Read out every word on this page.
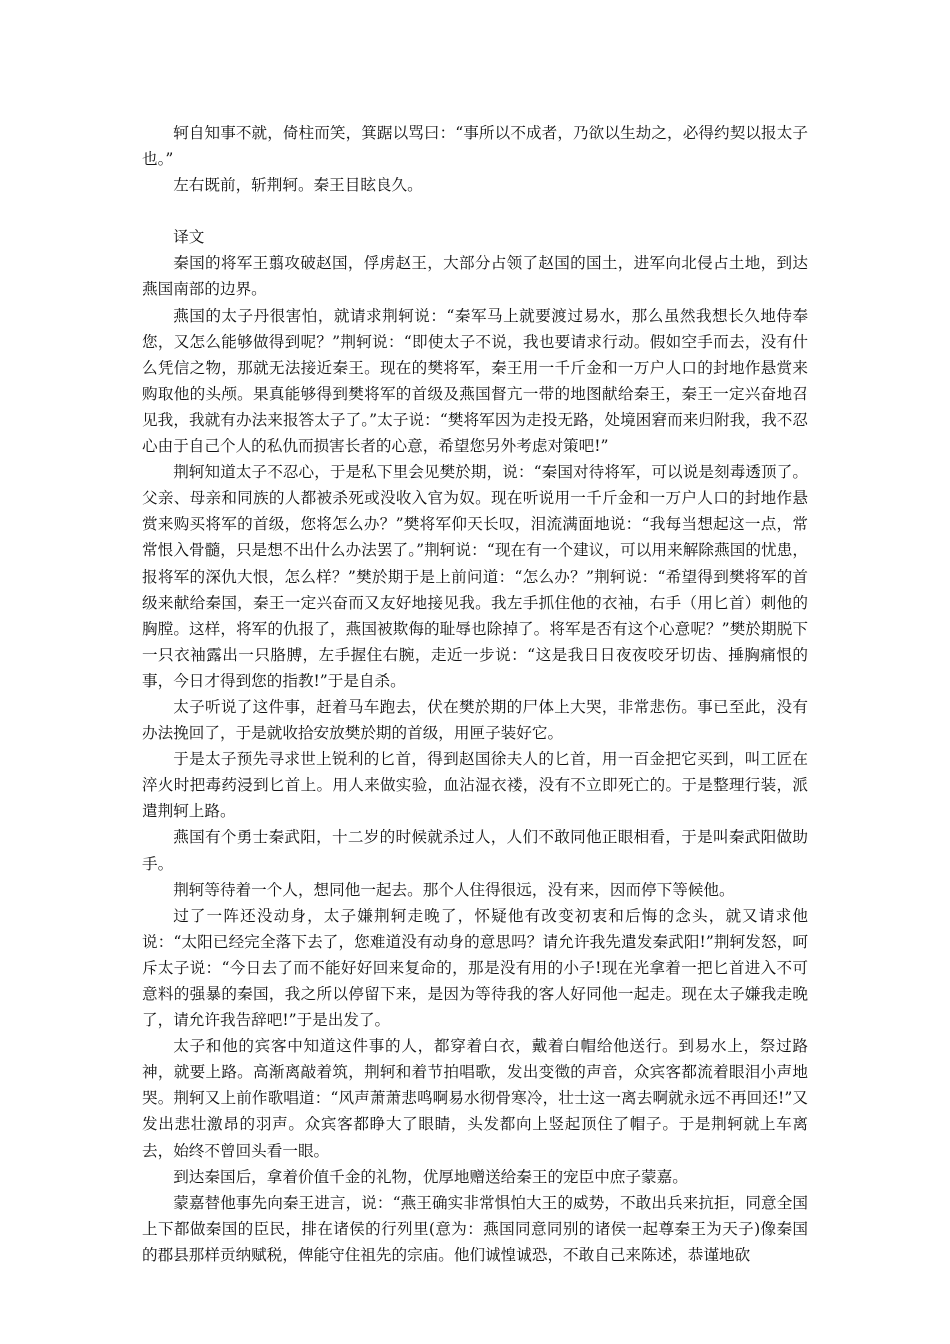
轲自知事不就，倚柱而笑，箕踞以骂曰：“事所以不成者，乃欲以生劫之，必得约契以报太子也。”

左右既前，斩荆轲。秦王目眩良久。

译文

秦国的将军王翦攻破赵国，俘虏赵王，大部分占领了赵国的国土，进军向北侵占土地，到达燕国南部的边界。

燕国的太子丹很害怕，就请求荆轲说：“秦军马上就要渡过易水，那么虽然我想长久地侍奉您，又怎么能够做得到呢？”荆轲说：“即使太子不说，我也要请求行动。假如空手而去，没有什么凭信之物，那就无法接近秦王。现在的樊将军，秦王用一千斤金和一万户人口的封地作悬赏来购取他的头颅。果真能够得到樊将军的首级及燕国督亢一带的地图献给秦王，秦王一定兴奋地召见我，我就有办法来报答太子了。”太子说：“樊将军因为走投无路，处境困窘而来归附我，我不忍心由于自己个人的私仇而损害长者的心意，希望您另外考虑对策吧!”

荆轲知道太子不忍心，于是私下里会见樊於期，说：“秦国对待将军，可以说是刻毒透顶了。父亲、母亲和同族的人都被杀死或没收入官为奴。现在听说用一千斤金和一万户人口的封地作悬赏来购买将军的首级，您将怎么办？”樊将军仰天长叹，泪流满面地说：“我每当想起这一点，常常恨入骨髓，只是想不出什么办法罢了。”荆轲说：“现在有一个建议，可以用来解除燕国的忧患，报将军的深仇大恨，怎么样？”樊於期于是上前问道：“怎么办？”荆轲说：“希望得到樊将军的首级来献给秦国，秦王一定兴奋而又友好地接见我。我左手抓住他的衣袖，右手（用匕首）刺他的胸膛。这样，将军的仇报了，燕国被欺侮的耻辱也除掉了。将军是否有这个心意呢？”樊於期脱下一只衣袖露出一只胳膊，左手握住右腕，走近一步说：“这是我日日夜夜咬牙切齿、捶胸痛恨的事，今日才得到您的指教!”于是自杀。

太子听说了这件事，赶着马车跑去，伏在樊於期的尸体上大哭，非常悲伤。事已至此，没有办法挽回了，于是就收拾安放樊於期的首级，用匣子装好它。

于是太子预先寻求世上锐利的匕首，得到赵国徐夫人的匕首，用一百金把它买到，叫工匠在淬火时把毒药浸到匕首上。用人来做实验，血沾湿衣褛，没有不立即死亡的。于是整理行装，派遣荆轲上路。

燕国有个勇士秦武阳，十二岁的时候就杀过人，人们不敢同他正眼相看，于是叫秦武阳做助手。

荆轲等待着一个人，想同他一起去。那个人住得很远，没有来，因而停下等候他。

过了一阵还没动身，太子嫌荆轲走晚了，怀疑他有改变初衷和后悔的念头，就又请求他说：“太阳已经完全落下去了，您难道没有动身的意思吗？请允许我先遣发秦武阳!”荆轲发怒，呵斥太子说：“今日去了而不能好好回来复命的，那是没有用的小子!现在光拿着一把匕首进入不可意料的强暴的秦国，我之所以停留下来，是因为等待我的客人好同他一起走。现在太子嫌我走晚了，请允许我告辞吧!”于是出发了。

太子和他的宾客中知道这件事的人，都穿着白衣，戴着白帽给他送行。到易水上，祭过路神，就要上路。高渐离敲着筑，荆轲和着节拍唱歌，发出变徵的声音，众宾客都流着眼泪小声地哭。荆轲又上前作歌唱道：“风声萧萧悲鸣啊易水彻骨寒冷，壮士这一离去啊就永远不再回还!”又发出悲壮激昂的羽声。众宾客都睁大了眼睛，头发都向上竖起顶住了帽子。于是荆轲就上车离去，始终不曾回头看一眼。

到达秦国后，拿着价值千金的礼物，优厚地赠送给秦王的宠臣中庶子蒙嘉。

蒙嘉替他事先向秦王进言，说：“燕王确实非常惧怕大王的威势，不敢出兵来抗拒，同意全国上下都做秦国的臣民，排在诸侯的行列里(意为：燕国同意同别的诸侯一起尊秦王为天子)像秦国的郡县那样贡纳赋税，俾能守住祖先的宗庙。他们诚惶诚恐，不敢自己来陈述，恭谨地砍
